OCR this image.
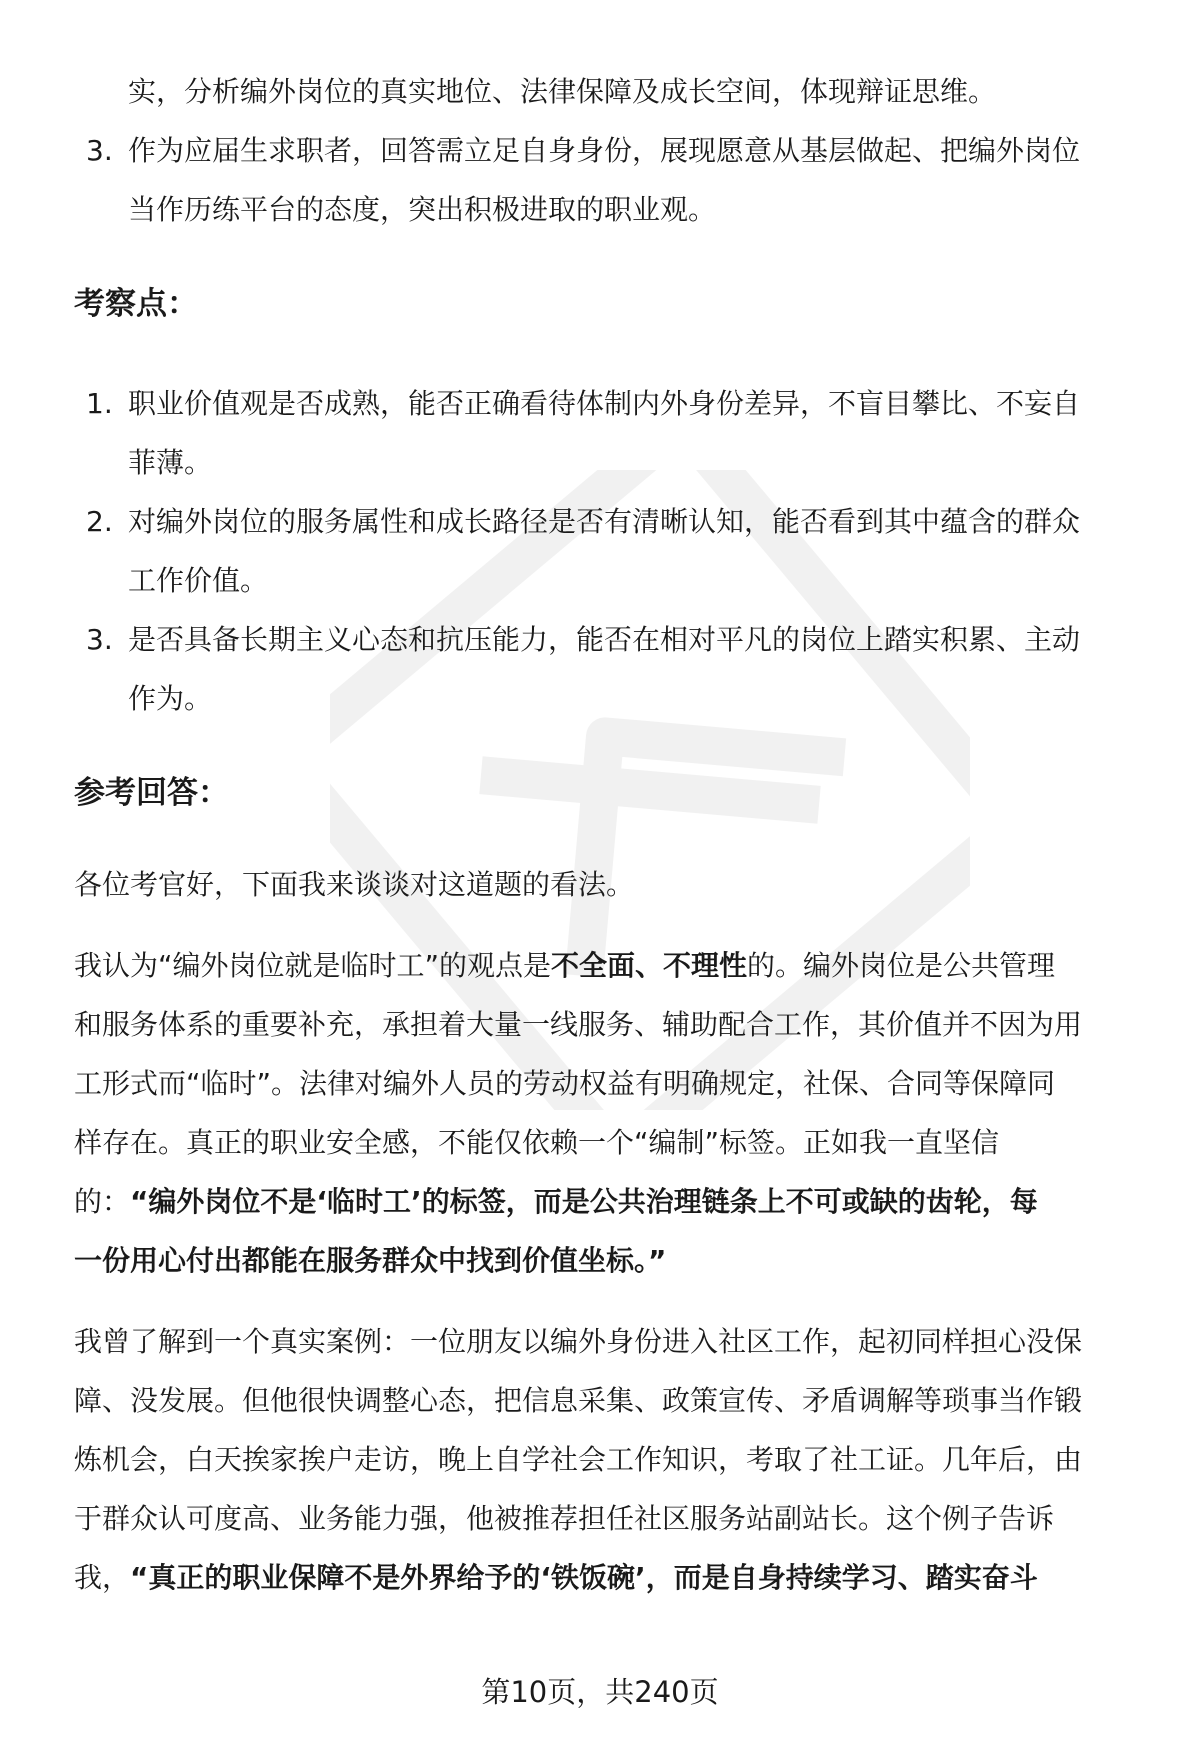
实，分析编外岗位的真实地位、法律保障及成长空间，体现辩证思维。
3. 作为应届生求职者，回答需立足自身身份，展现愿意从基层做起、把编外岗位
当作历练平台的态度，突出积极进取的职业观。
考察点：
1. 职业价值观是否成熟，能否正确看待体制内外身份差异，不盲目攀比、不妄自
菲薄。
2. 对编外岗位的服务属性和成长路径是否有清晰认知，能否看到其中蕴含的群众
工作价值。
3. 是否具备长期主义心态和抗压能力，能否在相对平凡的岗位上踏实积累、主动
作为。
参考回答：

各位考官好，下面我来谈谈对这道题的看法。

我认为“编外岗位就是临时工”的观点是不全面、不理性的。编外岗位是公共管理
和服务体系的重要补充，承担着大量一线服务、辅助配合工作，其价值并不因为用
工形式而“临时”。法律对编外人员的劳动权益有明确规定，社保、合同等保障同
样存在。真正的职业安全感，不能仅依赖一个“编制”标签。正如我一直坚信
的：“编外岗位不是‘临时工’的标签，而是公共治理链条上不可或缺的齿轮，每
一份用心付出都能在服务群众中找到价值坐标。”
我曾了解到一个真实案例：一位朋友以编外身份进入社区工作，起初同样担心没保
障、没发展。但他很快调整心态，把信息采集、政策宣传、矛盾调解等琐事当作锻
炼机会，白天挨家挨户走访，晚上自学社会工作知识，考取了社工证。几年后，由
于群众认可度高、业务能力强，他被推荐担任社区服务站副站长。这个例子告诉
我，“真正的职业保障不是外界给予的‘铁饭碗’，而是自身持续学习、踏实奋斗
第10页，共240页
